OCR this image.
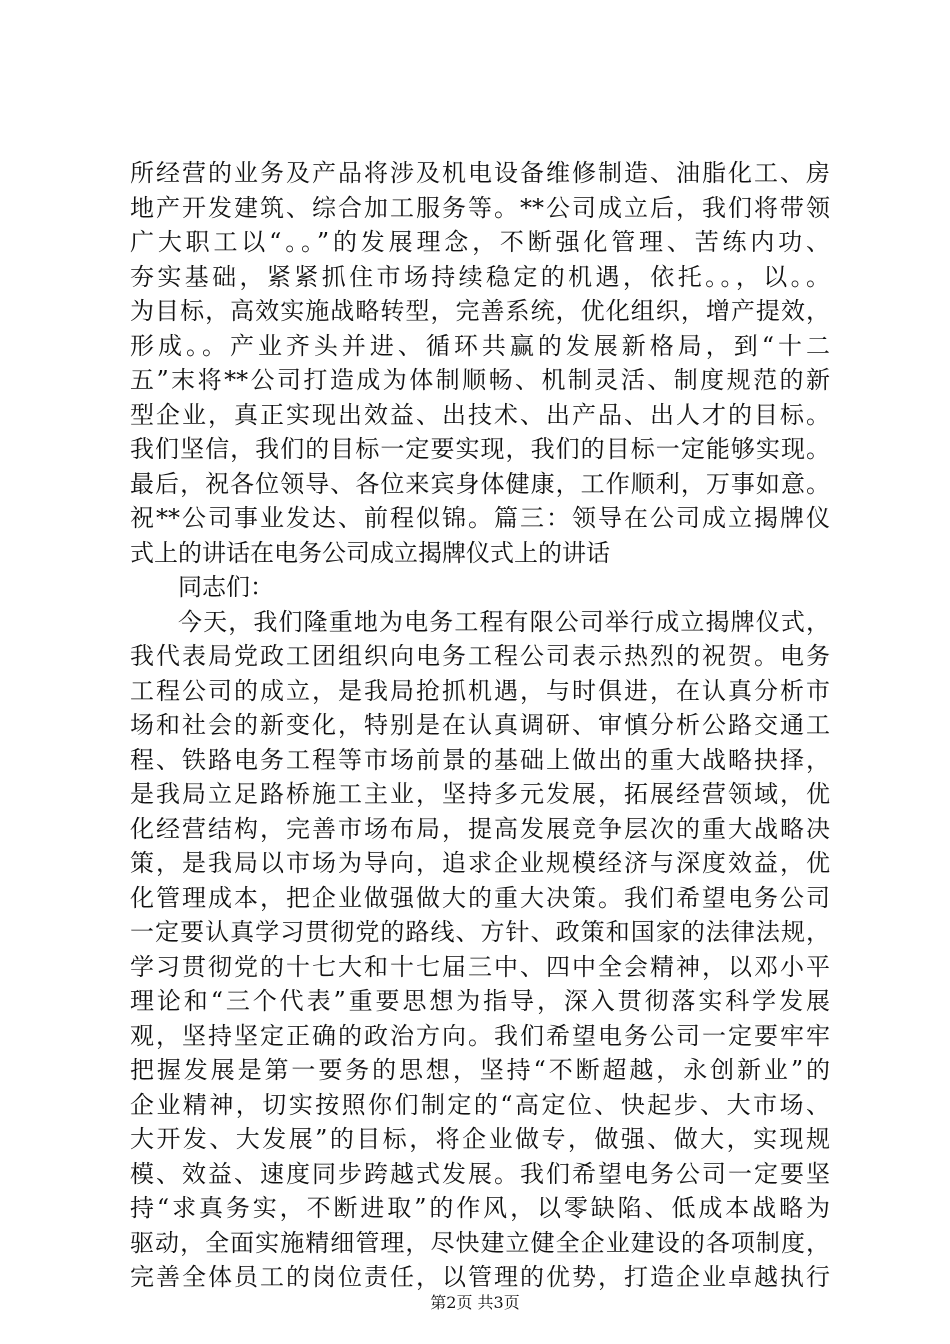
所经营的业务及产品将涉及机电设备维修制造、油脂化工、房
地产开发建筑、综合加工服务等。**公司成立后，我们将带领
广大职工以“。。”的发展理念，不断强化管理、苦练内功、
夯实基础，紧紧抓住市场持续稳定的机遇，依托。。，以。。
为目标，高效实施战略转型，完善系统，优化组织，增产提效，
形成。。产业齐头并进、循环共赢的发展新格局，到“十二
五”末将**公司打造成为体制顺畅、机制灵活、制度规范的新
型企业，真正实现出效益、出技术、出产品、出人才的目标。
我们坚信，我们的目标一定要实现，我们的目标一定能够实现。
最后，祝各位领导、各位来宾身体健康，工作顺利，万事如意。
祝**公司事业发达、前程似锦。篇三：领导在公司成立揭牌仪
式上的讲话在电务公司成立揭牌仪式上的讲话
同志们：
今天，我们隆重地为电务工程有限公司举行成立揭牌仪式，
我代表局党政工团组织向电务工程公司表示热烈的祝贺。电务
工程公司的成立，是我局抢抓机遇，与时俱进，在认真分析市
场和社会的新变化，特别是在认真调研、审慎分析公路交通工
程、铁路电务工程等市场前景的基础上做出的重大战略抉择，
是我局立足路桥施工主业，坚持多元发展，拓展经营领域，优
化经营结构，完善市场布局，提高发展竞争层次的重大战略决
策，是我局以市场为导向，追求企业规模经济与深度效益，优
化管理成本，把企业做强做大的重大决策。我们希望电务公司
一定要认真学习贯彻党的路线、方针、政策和国家的法律法规，
学习贯彻党的十七大和十七届三中、四中全会精神，以邓小平
理论和“三个代表”重要思想为指导，深入贯彻落实科学发展
观，坚持坚定正确的政治方向。我们希望电务公司一定要牢牢
把握发展是第一要务的思想，坚持“不断超越，永创新业”的
企业精神，切实按照你们制定的“高定位、快起步、大市场、
大开发、大发展”的目标，将企业做专，做强、做大，实现规
模、效益、速度同步跨越式发展。我们希望电务公司一定要坚
持“求真务实，不断进取”的作风，以零缺陷、低成本战略为
驱动，全面实施精细管理，尽快建立健全企业建设的各项制度，
完善全体员工的岗位责任，以管理的优势，打造企业卓越执行
第2页 共3页
